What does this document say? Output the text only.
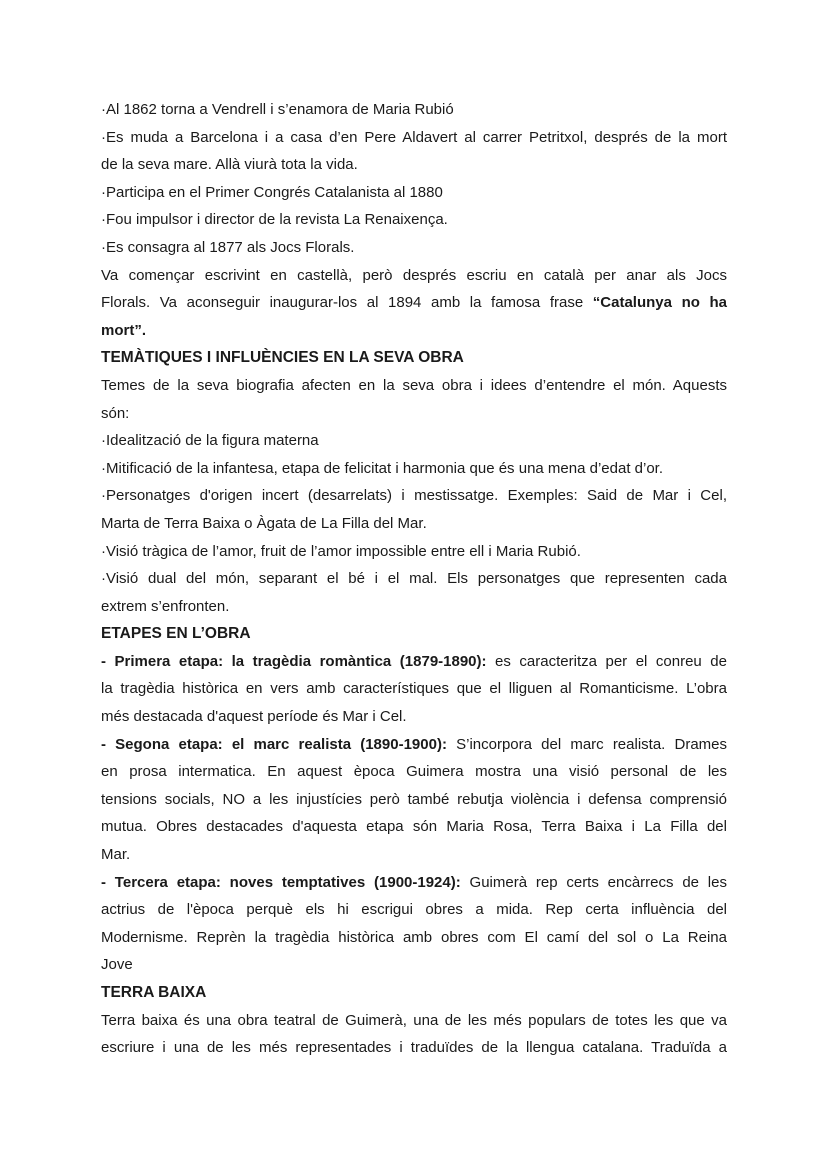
·Al 1862 torna a Vendrell i s’enamora de Maria Rubió
·Es muda a Barcelona i a casa d’en Pere Aldavert al carrer Petritxol, després de la mort
de la seva mare. Allà viurà tota la vida.
·Participa en el Primer Congrés Catalanista al 1880
·Fou impulsor i director de la revista La Renaixença.
·Es consagra al 1877 als Jocs Florals.
Va començar escrivint en castellà, però després escriu en català per anar als Jocs
Florals. Va aconseguir inaugurar-los al 1894 amb la famosa frase “Catalunya no ha
mort”.
TEMÀTIQUES I INFLUÈNCIES EN LA SEVA OBRA
Temes de la seva biografia afecten en la seva obra i idees d’entendre el món. Aquests
són:
·Idealització de la figura materna
·Mitificació de la infantesa, etapa de felicitat i harmonia que és una mena d’edat d’or.
·Personatges d'origen incert (desarrelats) i mestissatge. Exemples: Said de Mar i Cel,
Marta de Terra Baixa o Àgata de La Filla del Mar.
·Visió tràgica de l’amor, fruit de l’amor impossible entre ell i Maria Rubió.
·Visió dual del món, separant el bé i el mal. Els personatges que representen cada
extrem s’enfronten.
ETAPES EN L’OBRA
- Primera etapa: la tragèdia romàntica (1879-1890): es caracteritza per el conreu de
la tragèdia històrica en vers amb característiques que el lliguen al Romanticisme. L’obra
més destacada d'aquest període és Mar i Cel.
- Segona etapa: el marc realista (1890-1900): S’incorpora del marc realista. Drames
en prosa intermatica. En aquest època Guimera mostra una visió personal de les
tensions socials, NO a les injustícies però també rebutja violència i defensa comprensió
mutua. Obres destacades d'aquesta etapa són Maria Rosa, Terra Baixa i La Filla del
Mar.
- Tercera etapa: noves temptatives (1900-1924): Guimerà rep certs encàrrecs de les
actrius de l'època perquè els hi escrigui obres a mida. Rep certa influència del
Modernisme. Reprèn la tragèdia històrica amb obres com El camí del sol o La Reina
Jove
TERRA BAIXA
Terra baixa és una obra teatral de Guimerà, una de les més populars de totes les que va
escriure i una de les més representades i traduïdes de la llengua catalana. Traduïda a
